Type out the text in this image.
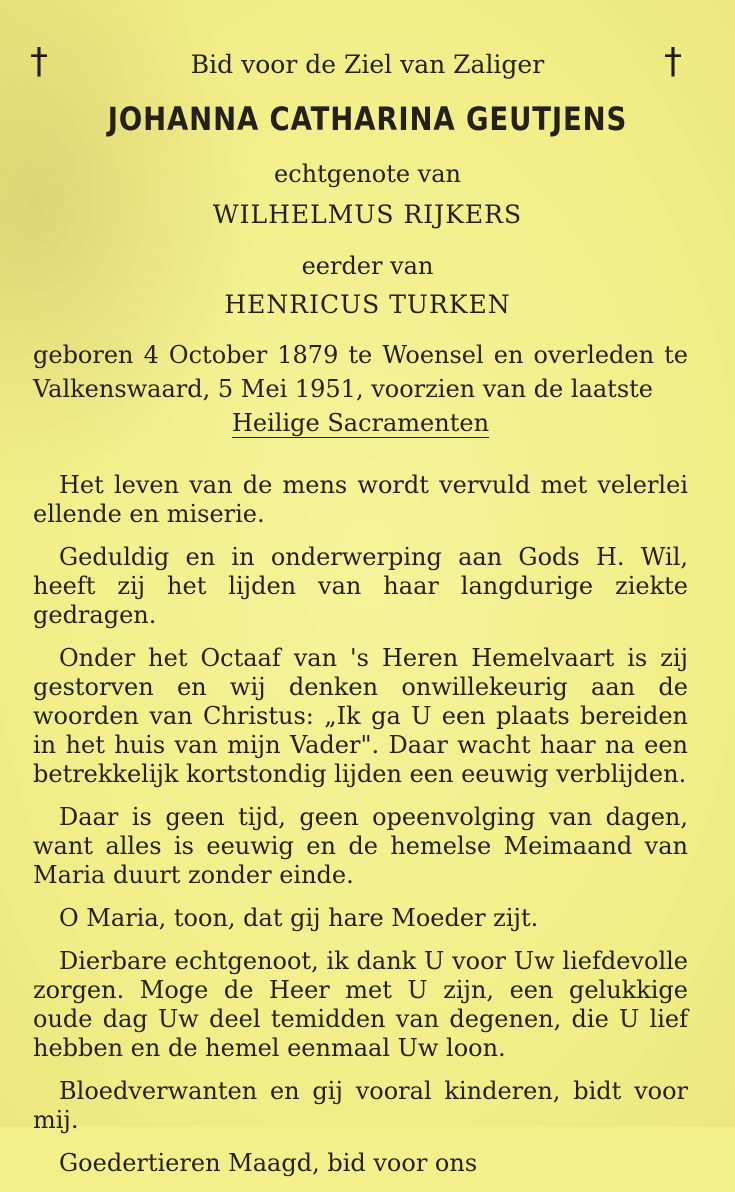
†	†
Bid voor de Ziel van Zaliger
JOHANNA CATHARINA GEUTJENS
echtgenote van
WILHELMUS RIJKERS
eerder van
HENRICUS TURKEN
geboren 4 October 1879 te Woensel en overleden te Valkenswaard, 5 Mei 1951, voorzien van de laatste
Heilige Sacramenten

Het leven van de mens wordt vervuld met velerlei ellende en miserie.

Geduldig en in onderwerping aan Gods H. Wil, heeft zij het lijden van haar langdurige ziekte gedragen.

Onder het Octaaf van 's Heren Hemelvaart is zij gestorven en wij denken onwillekeurig aan de woorden van Christus: „Ik ga U een plaats bereiden in het huis van mijn Vader". Daar wacht haar na een betrekkelijk kortstondig lijden een eeuwig verblijden.

Daar is geen tijd, geen opeenvolging van dagen, want alles is eeuwig en de hemelse Meimaand van Maria duurt zonder einde.

O Maria, toon, dat gij hare Moeder zijt.

Dierbare echtgenoot, ik dank U voor Uw liefdevolle zorgen. Moge de Heer met U zijn, een gelukkige oude dag Uw deel temidden van degenen, die U lief hebben en de hemel eenmaal Uw loon.

Bloedverwanten en gij vooral kinderen, bidt voor mij.

Goedertieren Maagd, bid voor ons
